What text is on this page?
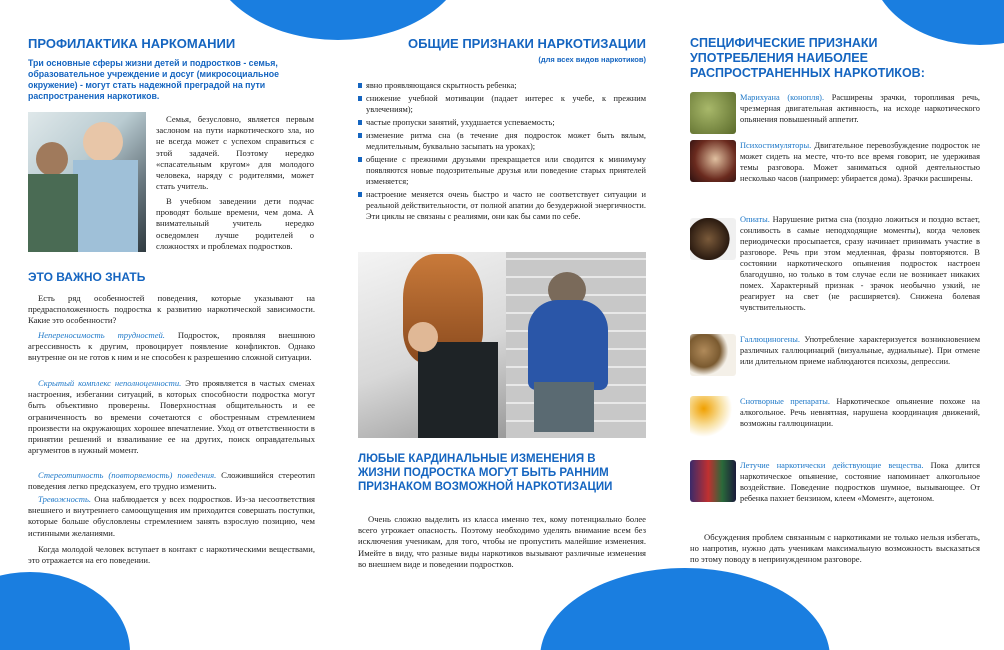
ПРОФИЛАКТИКА НАРКОМАНИИ
Три основные сферы жизни детей и подростков - семья, образовательное учреждение и досуг (микросоциальное окружение) - могут стать надежной преградой на пути распространения наркотиков.
Семья, безусловно, является первым заслоном на пути наркотического зла, но не всегда может с успехом справиться с этой задачей. Поэтому нередко «спасательным кругом» для молодого человека, наряду с родителями, может стать учитель.
В учебном заведении дети подчас проводят больше времени, чем дома. А внимательный учитель нередко осведомлен лучше родителей о сложностях и проблемах подростков.
ЭТО ВАЖНО ЗНАТЬ
Есть ряд особенностей поведения, которые указывают на предрасположенность подростка к развитию наркотической зависимости. Какие это особенности?
Непереносимость трудностей. Подросток, проявляя внешнюю агрессивность к другим, провоцирует появление конфликтов. Однако внутренне он не готов к ним и не способен к разрешению сложной ситуации.
Скрытый комплекс неполноценности. Это проявляется в частых сменах настроения, избегании ситуаций, в которых способности подростка могут быть объективно проверены. Поверхностная общительность и ее ограниченность во времени сочетаются с обостренным стремлением произвести на окружающих хорошее впечатление. Уход от ответственности в принятии решений и взваливание ее на других, поиск оправдательных аргументов в нужный момент.
Стереотипность (повторяемость) поведения. Сложившийся стереотип поведения легко предсказуем, его трудно изменить.
Тревожность. Она наблюдается у всех подростков. Из-за несоответствия внешнего и внутреннего самоощущения им приходится совершать поступки, которые больше обусловлены стремлением занять взрослую позицию, чем истинными желаниями.
Когда молодой человек вступает в контакт с наркотическими веществами, это отражается на его поведении.
ОБЩИЕ ПРИЗНАКИ НАРКОТИЗАЦИИ
(для всех видов наркотиков)
явно проявляющаяся скрытность ребенка;
снижение учебной мотивации (падает интерес к учебе, к прежним увлечениям);
частые пропуски занятий, ухудшается успеваемость;
изменение ритма сна (в течение дня подросток может быть вялым, медлительным, буквально засыпать на уроках);
общение с прежними друзьями прекращается или сводится к минимуму появляются новые подозрительные друзья или поведение старых приятелей изменяется;
настроение меняется очень быстро и часто не соответствует ситуации и реальной действительности, от полной апатии до безудержной энергичности. Эти циклы не связаны с реалиями, они как бы сами по себе.
ЛЮБЫЕ КАРДИНАЛЬНЫЕ ИЗМЕНЕНИЯ В ЖИЗНИ ПОДРОСТКА МОГУТ БЫТЬ РАННИМ ПРИЗНАКОМ ВОЗМОЖНОЙ НАРКОТИЗАЦИИ
Очень сложно выделить из класса именно тех, кому потенциально более всего угрожает опасность. Поэтому необходимо уделять внимание всем без исключения ученикам, для того, чтобы не пропустить малейшие изменения. Имейте в виду, что разные виды наркотиков вызывают различные изменения во внешнем виде и поведении подростков.
СПЕЦИФИЧЕСКИЕ ПРИЗНАКИ
УПОТРЕБЛЕНИЯ НАИБОЛЕЕ
РАСПРОСТРАНЕННЫХ НАРКОТИКОВ:
Марихуана (конопля). Расширены зрачки, торопливая речь, чрезмерная двигательная активность, на исходе наркотического опьянения повышенный аппетит.
Психостимуляторы. Двигательное перевозбуждение подросток не может сидеть на месте, что-то все время говорит, не удерживая темы разговора. Может заниматься одной деятельностью несколько часов (например: убирается дома). Зрачки расширены.
Опиаты. Нарушение ритма сна (поздно ложиться и поздно встает, сонливость в самые неподходящие моменты), когда человек периодически просыпается, сразу начинает принимать участие в разговоре. Речь при этом медленная, фразы повторяются. В состоянии наркотического опьянения подросток настроен благодушно, но только в том случае если не возникает никаких помех. Характерный признак - зрачок необычно узкий, не реагирует на свет (не расширяется). Снижена болевая чувствительность.
Галлюциногены. Употребление характеризуется возникновением различных галлюцинаций (визуальные, аудиальные). При отмене или длительном приеме наблюдаются психозы, депрессии.
Снотворные препараты. Наркотическое опьянение похоже на алкогольное. Речь невнятная, нарушена координация движений, возможны галлюцинации.
Летучие наркотически действующие вещества. Пока длится наркотическое опьянение, состояние напоминает алкогольное воздействие. Поведение подростков шумное, вызывающее. От ребенка пахнет бензином, клеем «Момент», ацетоном.
Обсуждения проблем связанным с наркотиками не только нельзя избегать, но напротив, нужно дать ученикам максимальную возможность высказаться по этому поводу в непринужденном разговоре.
